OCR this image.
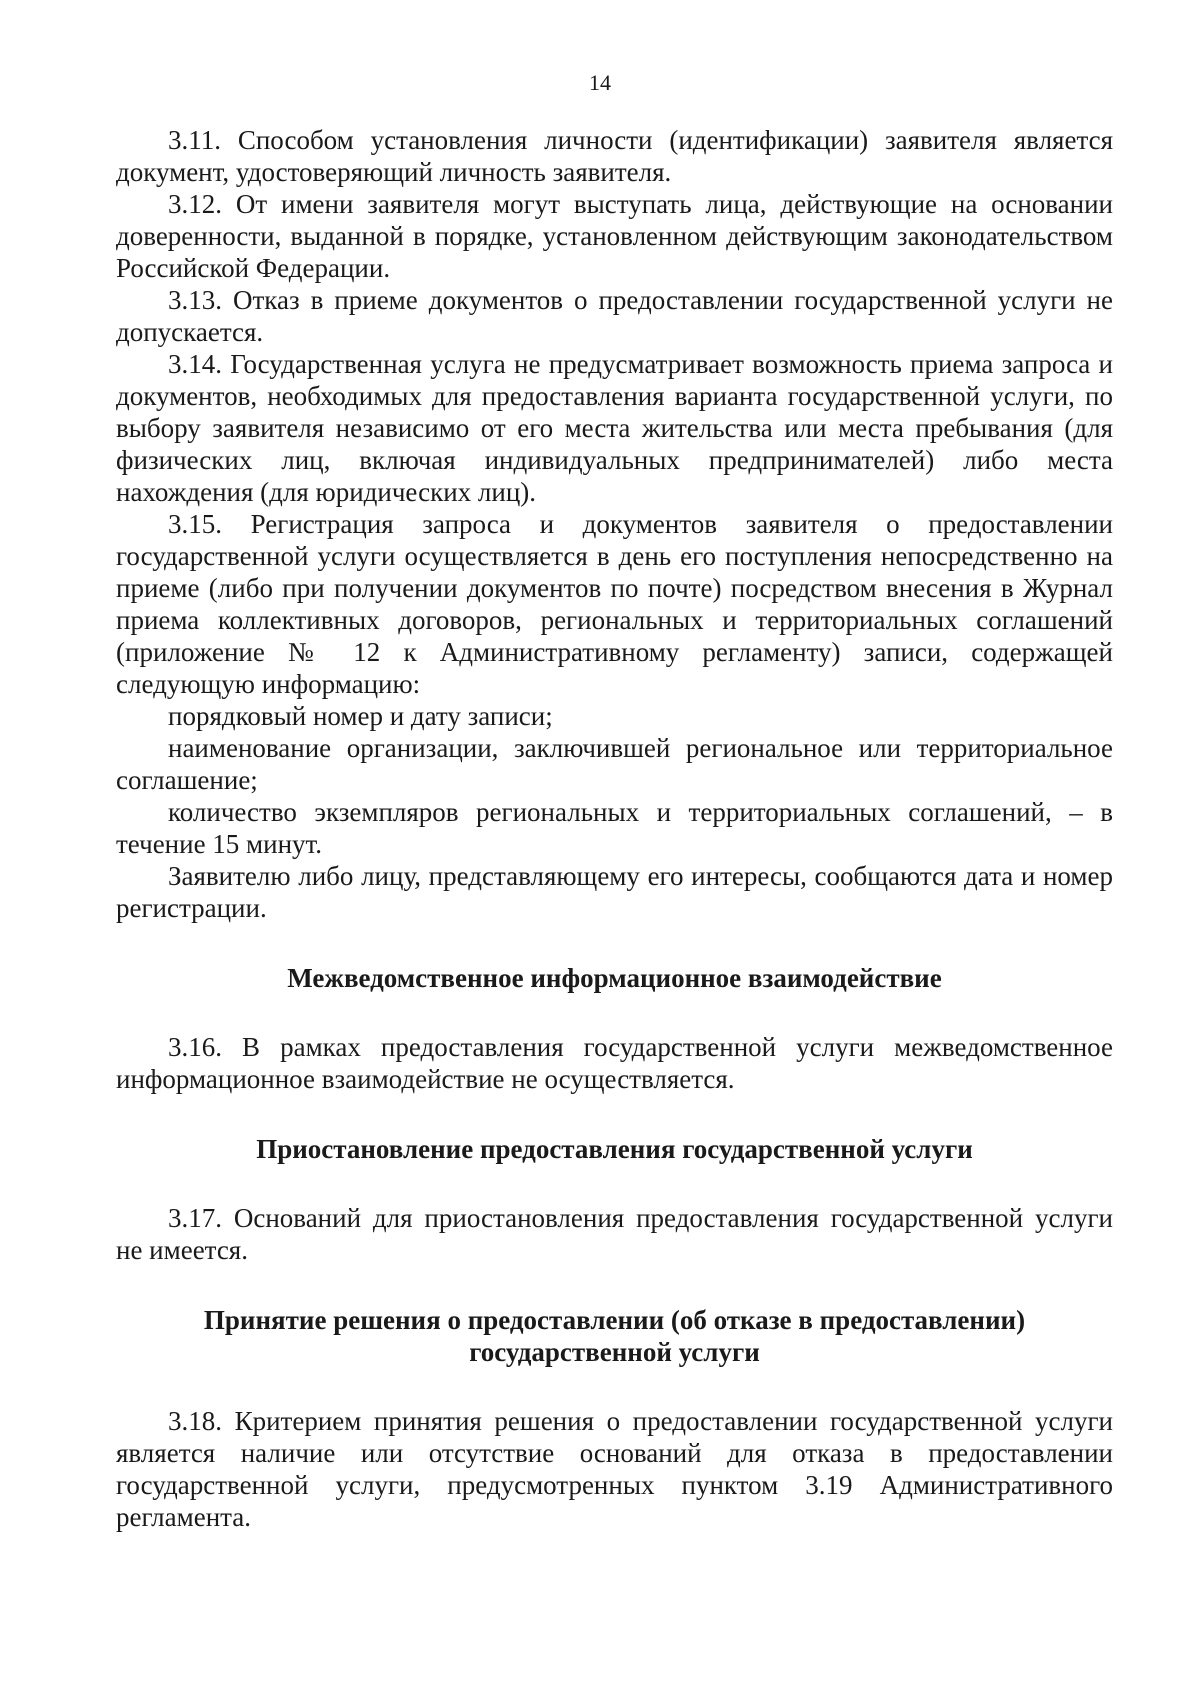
14

3.11. Способом установления личности (идентификации) заявителя является документ, удостоверяющий личность заявителя.

3.12. От имени заявителя могут выступать лица, действующие на основании доверенности, выданной в порядке, установленном действующим законодательством Российской Федерации.

3.13. Отказ в приеме документов о предоставлении государственной услуги не допускается.

3.14. Государственная услуга не предусматривает возможность приема запроса и документов, необходимых для предоставления варианта государственной услуги, по выбору заявителя независимо от его места жительства или места пребывания (для физических лиц, включая индивидуальных предпринимателей) либо места нахождения (для юридических лиц).

3.15. Регистрация запроса и документов заявителя о предоставлении государственной услуги осуществляется в день его поступления непосредственно на приеме (либо при получении документов по почте) посредством внесения в Журнал приема коллективных договоров, региональных и территориальных соглашений (приложение № 12 к Административному регламенту) записи, содержащей следующую информацию:

порядковый номер и дату записи;

наименование организации, заключившей региональное или территориальное соглашение;

количество экземпляров региональных и территориальных соглашений, – в течение 15 минут.

Заявителю либо лицу, представляющему его интересы, сообщаются дата и номер регистрации.

Межведомственное информационное взаимодействие

3.16. В рамках предоставления государственной услуги межведомственное информационное взаимодействие не осуществляется.

Приостановление предоставления государственной услуги

3.17. Оснований для приостановления предоставления государственной услуги не имеется.

Принятие решения о предоставлении (об отказе в предоставлении)

государственной услуги

3.18. Критерием принятия решения о предоставлении государственной услуги является наличие или отсутствие оснований для отказа в предоставлении государственной услуги, предусмотренных пунктом 3.19 Административного регламента.
